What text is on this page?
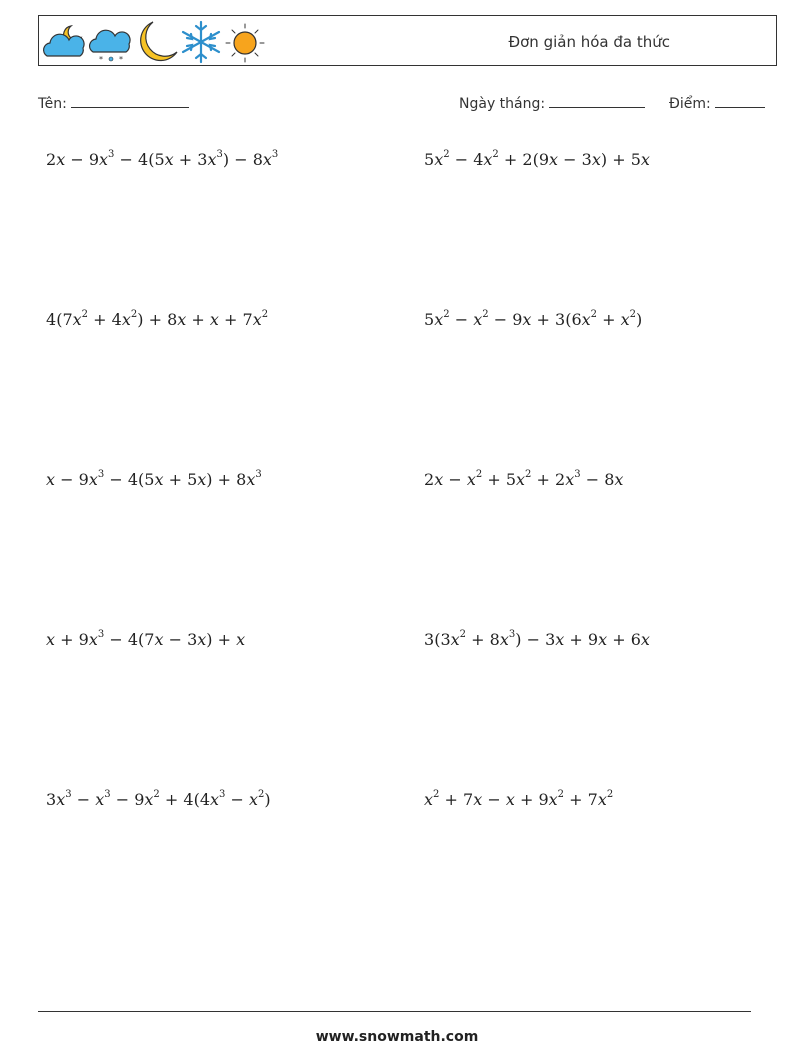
* *
Đơn giản hóa đa thức
Tên:	Ngày tháng:	Điểm:
$2x - 9x^3 - 4(5x + 3x^3) - 8x^3$	$5x^2 - 4x^2 + 2(9x - 3x) + 5x$
$4(7x^2 + 4x^2) + 8x + x + 7x^2$	$5x^2 - x^2 - 9x + 3(6x^2 + x^2)$
$x - 9x^3 - 4(5x + 5x) + 8x^3$	$2x - x^2 + 5x^2 + 2x^3 - 8x$
$x + 9x^3 - 4(7x - 3x) + x$	$3(3x^2 + 8x^3) - 3x + 9x + 6x$
$3x^3 - x^3 - 9x^2 + 4(4x^3 - x^2)$	$x^2 + 7x - x + 9x^2 + 7x^2$
www.snowmath.com
